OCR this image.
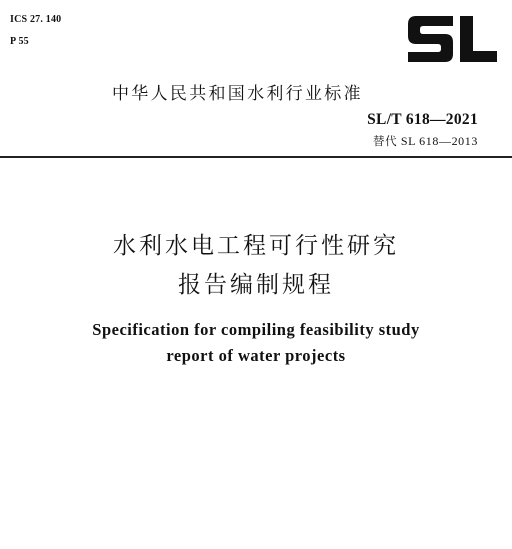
ICS 27. 140
P 55
中华人民共和国水利行业标准
SL/T 618—2021
替代 SL 618—2013
水利水电工程可行性研究
报告编制规程
Specification for compiling feasibility study
report of water projects
